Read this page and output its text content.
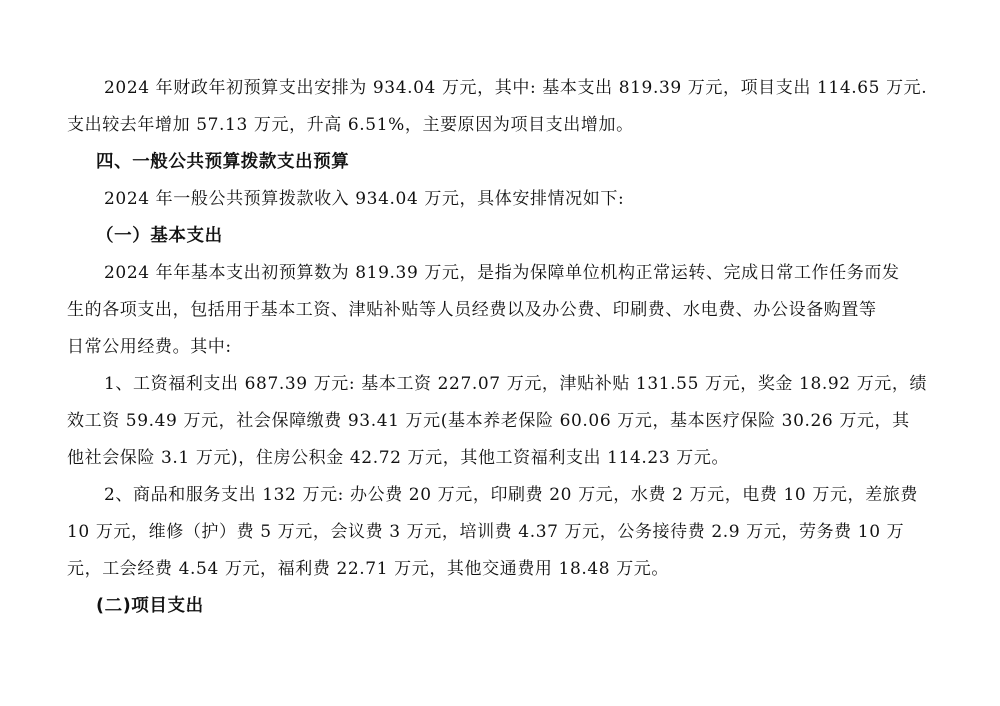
2024 年财政年初预算支出安排为 934.04 万元，其中: 基本支出 819.39 万元，项目支出 114.65 万元.
支出较去年增加 57.13 万元，升高 6.51%，主要原因为项目支出增加。
四、一般公共预算拨款支出预算
2024 年一般公共预算拨款收入 934.04 万元，具体安排情况如下:
（一）基本支出
2024 年年基本支出初预算数为 819.39 万元，是指为保障单位机构正常运转、完成日常工作任务而发
生的各项支出，包括用于基本工资、津贴补贴等人员经费以及办公费、印刷费、水电费、办公设备购置等
日常公用经费。其中:
1、工资福利支出 687.39 万元: 基本工资 227.07 万元，津贴补贴 131.55 万元，奖金 18.92 万元，绩
效工资 59.49 万元，社会保障缴费 93.41 万元(基本养老保险 60.06 万元，基本医疗保险 30.26 万元，其
他社会保险 3.1 万元)，住房公积金 42.72 万元，其他工资福利支出 114.23 万元。
2、商品和服务支出 132 万元: 办公费 20 万元，印刷费 20 万元，水费 2 万元，电费 10 万元，差旅费
10 万元，维修（护）费 5 万元，会议费 3 万元，培训费 4.37 万元，公务接待费 2.9 万元，劳务费 10 万
元，工会经费 4.54 万元，福利费 22.71 万元，其他交通费用 18.48 万元。
(二)项目支出
